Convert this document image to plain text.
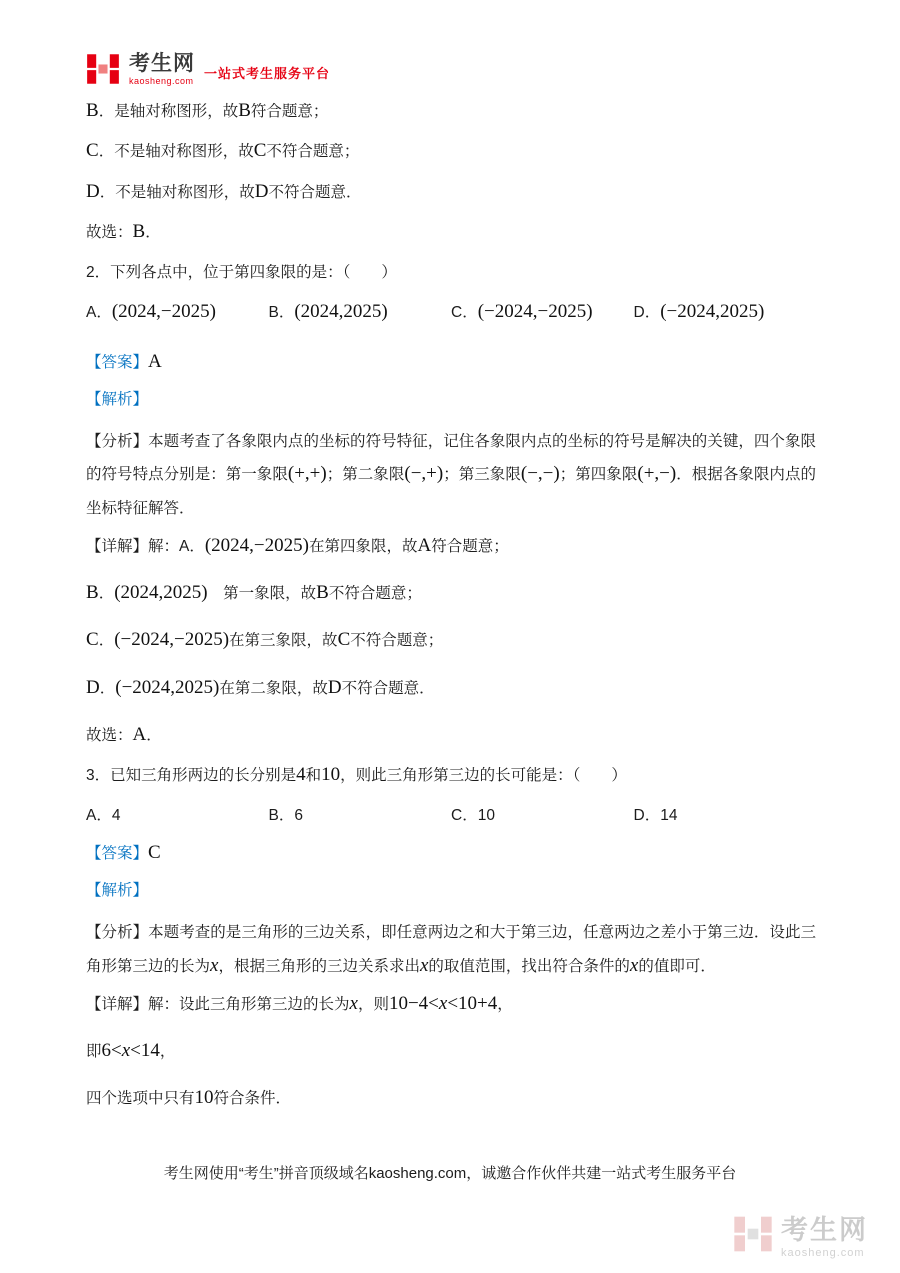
考生网
kaosheng.com 一站式考生服务平台
B．是轴对称图形，故B符合题意；
C．不是轴对称图形，故C不符合题意；
D．不是轴对称图形，故D不符合题意．
故选：B．
2．下列各点中，位于第四象限的是：（　　）
A．(2024,−2025)	B．(2024,2025)	C．(−2024,−2025)	D．(−2024,2025)
【答案】A
【解析】
【分析】本题考查了各象限内点的坐标的符号特征，记住各象限内点的坐标的符号是解决的关键，四个象限的符号特点分别是：第一象限(+,+)；第二象限(−,+)；第三象限(−,−)；第四象限(+,−)．根据各象限内点的坐标特征解答．
【详解】解：A．(2024,−2025)在第四象限，故A符合题意；
B．(2024,2025)　第一象限，故B不符合题意；
C．(−2024,−2025)在第三象限，故C不符合题意；
D．(−2024,2025)在第二象限，故D不符合题意．
故选：A．
3．已知三角形两边的长分别是4和10，则此三角形第三边的长可能是：（　　）
A．4	B．6	C．10	D．14
【答案】C
【解析】
【分析】本题考查的是三角形的三边关系，即任意两边之和大于第三边，任意两边之差小于第三边．设此三角形第三边的长为x，根据三角形的三边关系求出x的取值范围，找出符合条件的x的值即可．
【详解】解：设此三角形第三边的长为x，则10−4<x<10+4，
即6<x<14，
四个选项中只有10符合条件．
考生网使用“考生”拼音顶级域名kaosheng.com，诚邀合作伙伴共建一站式考生服务平台
考生网
kaosheng.com
